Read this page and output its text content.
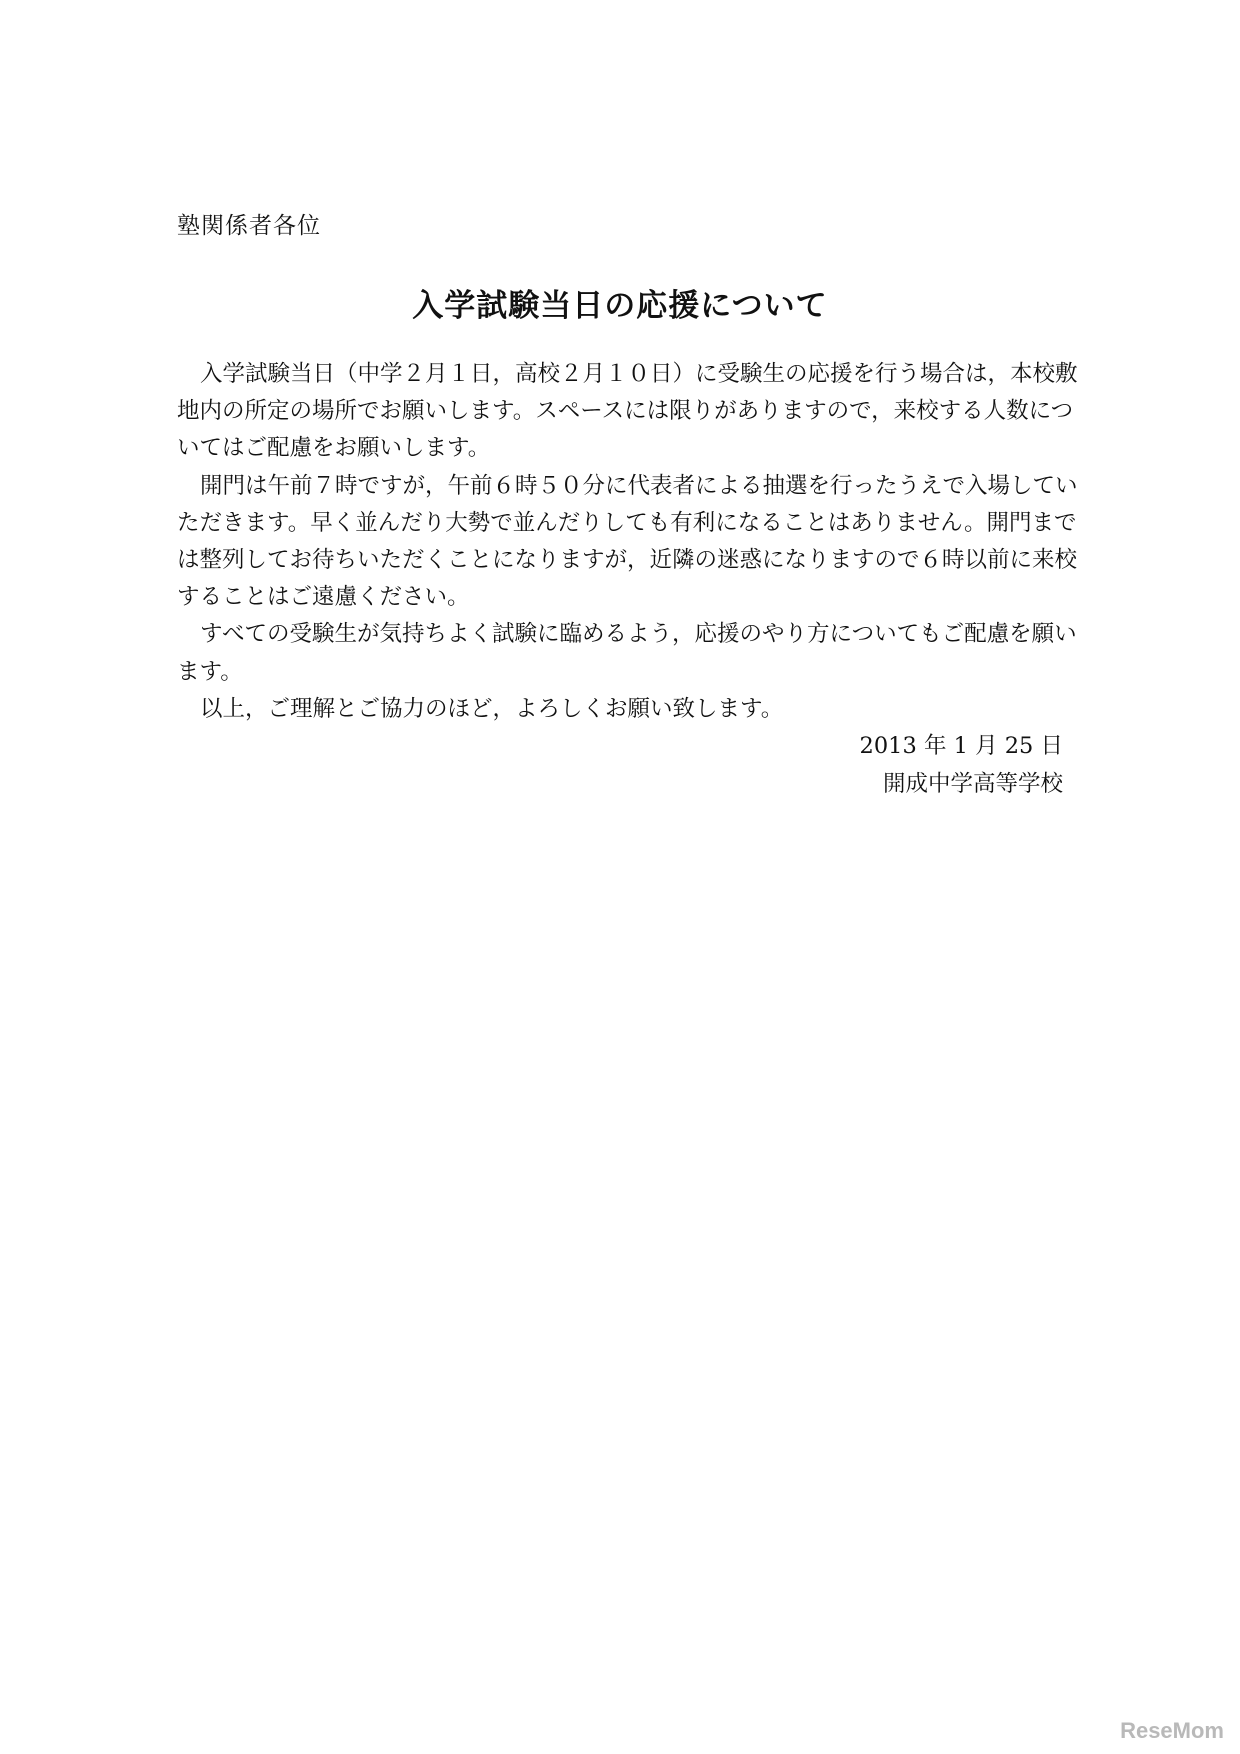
塾関係者各位
入学試験当日の応援について

入学試験当日（中学２月１日，高校２月１０日）に受験生の応援を行う場合は，本校敷
地内の所定の場所でお願いします。スペースには限りがありますので，来校する人数につ
いてはご配慮をお願いします。

開門は午前７時ですが，午前６時５０分に代表者による抽選を行ったうえで入場してい
ただきます。早く並んだり大勢で並んだりしても有利になることはありません。開門まで
は整列してお待ちいただくことになりますが，近隣の迷惑になりますので６時以前に来校
することはご遠慮ください。

すべての受験生が気持ちよく試験に臨めるよう，応援のやり方についてもご配慮を願い
ます。

以上，ご理解とご協力のほど，よろしくお願い致します。

2013 年 1 月 25 日
開成中学高等学校
ReseMom
